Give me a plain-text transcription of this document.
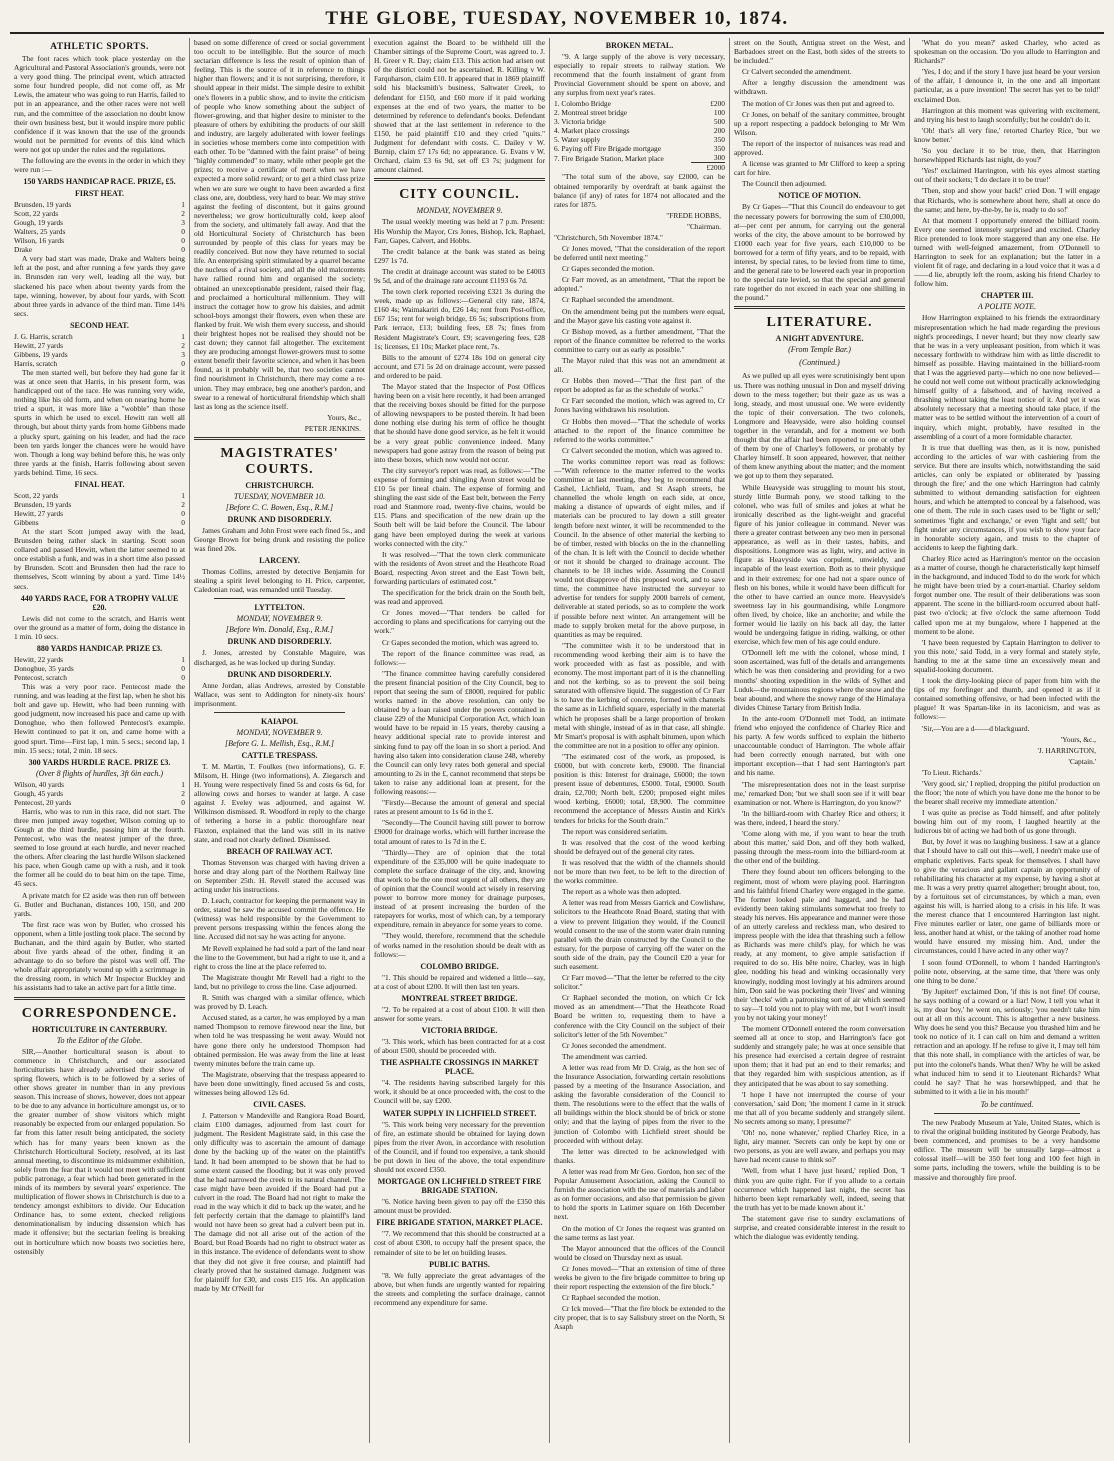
THE GLOBE, TUESDAY, NOVEMBER 10, 1874.
ATHLETIC SPORTS.

The foot races which took place yesterday on the Agricultural and Pastoral Association's grounds, were not a very good thing. The principal event, which attracted some four hundred people, did not come off, as Mr Lewis, the amateur who was going to run Harris, failed to put in an appearance, and the other races were not well run, and the committee of the association no doubt know their own business best, but it would inspire more public confidence if it was known that the use of the grounds would not be permitted for events of this kind which were not got up under the rules and the regulations.

The following are the events in the order in which they were run :—

150 YARDS HANDICAP RACE. PRIZE, £5.
FIRST HEAT.
Brunsden, 19 yards	1
Scott, 22 yards	2
Gough, 19 yards	3
Walters, 25 yards	0
Wilson, 16 yards	0
Drake	0

A very bad start was made, Drake and Walters being left at the post, and after running a few yards they gave in. Brunsden ran very well, leading all the way, but slackened his pace when about twenty yards from the tape, winning, however, by about four yards, with Scott about three yards in advance of the third man. Time 14¾ secs.

SECOND HEAT.
J. G. Harris, scratch	1
Hewitt, 27 yards	2
Gibbens, 19 yards	3
Harris, scratch	0

The men started well, but before they had gone far it was at once seen that Harris, in his present form, was handicapped out of the race. He was running very wide, nothing like his old form, and when on nearing home he tried a spurt, it was more like a "wobble" than those spurts in which he used to excel. Hewitt ran well all through, but about thirty yards from home Gibbens made a plucky spurt, gaining on his leader, and had the race been ten yards longer the chances were he would have won. Though a long way behind before this, he was only three yards at the finish, Harris following about seven yards behind. Time, 16 secs.

FINAL HEAT.
Scott, 22 yards	1
Brunsden, 19 yards	2
Hewitt, 27 yards	0
Gibbens	0

At the start Scott jumped away with the lead, Brunsden being rather slack in starting. Scott soon collared and passed Hewitt, when the latter seemed to at once establish a funk, and was in a short time also passed by Brunsden. Scott and Brunsden then had the race to themselves, Scott winning by about a yard. Time 14½ secs.

440 YARDS RACE, FOR A TROPHY VALUE £20.

Lewis did not come to the scratch, and Harris went over the ground as a matter of form, doing the distance in 1 min. 10 secs.

880 YARDS HANDICAP. PRIZE £3.
Hewitt, 22 yards	1
Donoghue, 35 yards	0
Pentecost, scratch	0

This was a very poor race. Pentecost made the running, and was leading at the first lap, when he shot his bolt and gave up. Hewitt, who had been running with good judgment, now increased his pace and came up with Donoghue, who then followed Pentecost's example. Hewitt continued to pat it on, and came home with a good spurt. Time—First lap, 1 min. 5 secs.; second lap, 1 min. 15 secs.; total, 2 min. 18 secs.

300 YARDS HURDLE RACE. PRIZE £3.
(Over 8 flights of hurdles, 3ft 6in each.)
Wilson, 40 yards	1
Gough, 45 yards	2
Pentecost, 20 yards	0

Harris, who was to run in this race, did not start. The three men jumped away together, Wilson coming up to Gough at the third hurdle, passing him at the fourth. Pentecost, who was the neatest jumper of the three, seemed to lose ground at each hurdle, and never reached the others. After clearing the last hurdle Wilson slackened his pace, when Gough came up with a rush, and it took the former all he could do to beat him on the tape. Time, 45 secs.

A private match for £2 aside was then run off between G. Butler and Buchanan, distances 100, 150, and 200 yards.

The first race was won by Butler, who crossed his opponent, when a little jostling took place. The second by Buchanan, and the third again by Butler, who started about five yards ahead of the other, finding it an advantage to do so before the pistol was well off. The whole affair appropriately wound up with a scrimmage in the dressing room, in which Mr Inspector Buckley and his assistants had to take an active part for a little time.

CORRESPONDENCE.
HORTICULTURE IN CANTERBURY.
To the Editor of the Globe.

SIR,—Another horticultural season is about to commence in Christchurch, and our associated horticulturists have already advertised their show of spring flowers, which is to be followed by a series of other shows greater in number than in any previous season. This increase of shows, however, does not appear to be due to any advance in horticulture amongst us, or to the greater number of show visitors which might reasonably be expected from our enlarged population. So far from this latter result being anticipated, the society which has for many years been known as the Christchurch Horticultural Society, resolved, at its last annual meeting, to discontinue its midsummer exhibition, solely from the fear that it would not meet with sufficient public patronage, a fear which had been generated in the minds of its members by several years' experience. The multiplication of flower shows in Christchurch is due to a tendency amongst exhibitors to divide. Our Education Ordinance has, to some extent, checked religious denominationalism by inducing dissension which has made it offensive; but the sectarian feeling is breaking out in horticulture which now boasts two societies here, ostensibly

based on some difference of creed or social government too occult to be intelligible. But the source of much sectarian difference is less the result of opinion than of feeling. This is the source of it in reference to things higher than flowers; and it is not surprising, therefore, it should appear in their midst. The simple desire to exhibit one's flowers in a public show, and to invite the criticism of people who know something about the subject of flower-growing, and that higher desire to minister to the pleasure of others by exhibiting the products of our skill and industry, are largely adulterated with lower feelings in societies whose members come into competition with each other. To be "damned with the faint praise" of being "highly commended" to many, while other people get the prizes; to receive a certificate of merit when we have expected a more solid reward; or to get a third class prize when we are sure we ought to have been awarded a first class one, are, doubtless, very hard to bear. We may strive against the feeling of discontent, but it gains ground nevertheless; we grow horticulturally cold, keep aloof from the society, and ultimately fall away. And that the old Horticultural Society of Christchurch has been surrounded by people of this class for years may be readily conceived. But now they have returned to social life. An enterprising spirit stimulated by a quarrel became the nucleus of a rival society, and all the old malcontents have rallied round him and organised the society; obtained an unexceptionable president, raised their flag, and proclaimed a horticultural millennium. They will instruct the cottager how to grow his daisies, and admit school-boys amongst their flowers, even when these are flanked by fruit. We wish them every success, and should their brightest hopes not be realised they should not be cast down; they cannot fail altogether. The excitement they are producing amongst flower-growers must to some extent benefit their favorite science, and when it has been found, as it probably will be, that two societies cannot find nourishment in Christchurch, there may come a re-union. They may embrace, beg one another's pardon, and swear to a renewal of horticultural friendship which shall last as long as the science itself.

Yours, &c.,
PETER JENKINS.
MAGISTRATES' COURTS.
CHRISTCHURCH.
TUESDAY, NOVEMBER 10.
[Before C. C. Bowen, Esq., R.M.]
DRUNK AND DISORDERLY.

James Graham and John Frost were each fined 5s., and George Brown for being drunk and resisting the police was fined 20s.

LARCENY.

Thomas Collins, arrested by detective Benjamin for stealing a spirit level belonging to H. Price, carpenter, Caledonian road, was remanded until Tuesday.

LYTTELTON.
MONDAY, NOVEMBER 9.
[Before Wm. Donald, Esq., R.M.]
DRUNK AND DISORDERLY.

J. Jones, arrested by Constable Maguire, was discharged, as he was locked up during Sunday.

DRUNK AND DISORDERLY.

Anne Jordan, alias Andrews, arrested by Constable Wallace, was sent to Addington for ninety-six hours' imprisonment.

KAIAPOI.
MONDAY, NOVEMBER 9.
[Before G. L. Mellish, Esq., R.M.]
CATTLE TRESPASS.

T. M. Martin, T. Foulkes (two informations), G. F. Milsom, H. Hinge (two informations), A. Ziegarsch and H. Young were respectively fined 5s and costs 6s 6d, for allowing cows and horses to wander at large. A case against J. Eveley was adjourned, and against W. Wilkinson dismissed. R. Woodford in reply to the charge of tethering a horse in a public thoroughfare near Flaxton, explained that the land was still in its native state, and road not clearly defined. Dismissed.

BREACH OF RAILWAY ACT.

Thomas Stevenson was charged with having driven a horse and dray along part of the Northern Railway line on September 25th. H. Revell stated the accused was acting under his instructions.

D. Leach, contractor for keeping the permanent way in order, stated he saw the accused commit the offence. He (witness) was held responsible by the Government to prevent persons trespassing within the fences along the line. Accused did not say he was acting for anyone.

Mr Revell explained he had sold a part of the land near the line to the Government, but had a right to use it, and a right to cross the line at the place referred to.

The Magistrate thought Mr Revell had a right to the land, but no privilege to cross the line. Case adjourned.

R. Smith was charged with a similar offence, which was proved by D. Leach.

Accused stated, as a carter, he was employed by a man named Thompson to remove firewood near the line, but when told he was trespassing he went away. Would not have gone there only he understood Thompson had obtained permission. He was away from the line at least twenty minutes before the train came up.

The Magistrate, observing that the trespass appeared to have been done unwittingly, fined accused 5s and costs, witnesses being allowed 12s 6d.

CIVIL CASES.

J. Patterson v Mandeville and Rangiora Road Board, claim £100 damages, adjourned from last court for judgment. The Resident Magistrate said, in this case the only difficulty was to ascertain the amount of damage done by the backing up of the water on the plaintiff's land. It had been attempted to be shown that he had to some extent caused the flooding; but it was only proved that he had narrowed the creek to its natural channel. The case might have been avoided if the Board had put a culvert in the road. The Board had not right to make the road in the way which it did to back up the water, and he felt perfectly certain that the damage to plaintiff's land would not have been so great had a culvert been put in. The damage did not all arise out of the action of the Board, but Road Boards had no right to obstruct water as in this instance. The evidence of defendants went to show that they did not give it free course, and plaintiff had clearly proved that he sustained damage. Judgment was for plaintiff for £30, and costs £15 16s. An application made by Mr O'Neill for

execution against the Board to be withheld till the Chamber sittings of the Supreme Court, was agreed to. J. H. Greer v R. Day; claim £13. This action had arisen out of the district could not be ascertained. R. Killing v W. Farquharson, claim £10. It appeared that in 1869 plaintiff sold his blacksmith's business, Saltwater Creek, to defendant for £150, and £60 more if it paid working expenses at the end of two years, the matter to be determined by reference to defendant's books. Defendant showed that at the last settlement in reference to the £150, he paid plaintiff £10 and they cried "quits." Judgment for defendant with costs. C. Dailey v W. Burnip, claim £7 17s 6d; no appearance. G. Evans v W. Orchard, claim £3 6s 9d, set off £3 7s; judgment for amount claimed.

CITY COUNCIL.
MONDAY, NOVEMBER 9.

The usual weekly meeting was held at 7 p.m. Present: His Worship the Mayor, Crs Jones, Bishop, Ick, Raphael, Farr, Gapes, Calvert, and Hobbs.

The credit balance at the bank was stated as being £297 1s 7d.

The credit at drainage account was stated to be £4003 9s 5d, and of the drainage rate account £1193 6s 7d.

The town clerk reported receiving £321 3s during the week, made up as follows:—General city rate, 1874, £160 4s; Waimakariri do, £26 14s; rent from Post-office, £67 15s; rent for weigh bridge, £6 5s; subscriptions from Park terrace, £13; building fees, £8 7s; fines from Resident Magistrate's Court, £9; scavengering fees, £28 1s; licenses, £1 10s; Market place rent, 7s.

Bills to the amount of £274 18s 10d on general city account, and £71 5s 2d on drainage account, were passed and ordered to be paid.

The Mayor stated that the Inspector of Post Offices having been on a visit here recently, it had been arranged that the receiving boxes should be fitted for the purpose of allowing newspapers to be posted therein. It had been done nothing else during his term of office he thought that he should have done good service, as he felt it would be a very great public convenience indeed. Many newspapers had gone astray from the reason of being put into these boxes, which now would not occur.

The city surveyor's report was read, as follows:—"The expense of forming and shingling Avon street would be £10 5s per lineal chain. The expense of forming and shingling the east side of the East belt, between the Ferry road and Stanmore road, twenty-five chains, would be £15. Plans and specification of the new drain up the South belt will be laid before the Council. The labour gang have been employed during the week at various works connected with the city."

It was resolved—"That the town clerk communicate with the residents of Avon street and the Heathcote Road Board, respecting Avon street and the East Town belt, forwarding particulars of estimated cost."

The specification for the brick drain on the South belt, was read and approved.

Cr Jones moved—"That tenders be called for according to plans and specifications for carrying out the work."

Cr Gapes seconded the motion, which was agreed to.

The report of the finance committee was read, as follows:—

"The finance committee having carefully considered the present financial position of the City Council, beg to report that seeing the sum of £8000, required for public works named in the above resolution, can only be obtained by a loan raised under the powers contained in clause 229 of the Municipal Corporation Act, which loan would have to be repaid in 15 years, thereby causing a heavy additional special rate to provide interest and sinking fund to pay off the loan in so short a period. And having also taken into consideration clause 248, whereby the Council can only levy rates both general and special amounting to 2s in the £, cannot recommend that steps be taken to raise any additional loan at present, for the following reasons:—

"Firstly—Because the amount of general and special rates at present amount to 1s 6d in the £.

"Secondly—The Council having still power to borrow £9000 for drainage works, which will further increase the total amount of rates to 1s 7d in the £.

"Thirdly—They are of opinion that the total expenditure of the £35,000 will be quite inadequate to complete the surface drainage of the city, and, knowing that work to be the one most urgent of all others, they are of opinion that the Council would act wisely in reserving power to borrow more money for drainage purposes, instead of at present increasing the burden of the ratepayers for works, most of which can, by a temporary expenditure, remain in abeyance for some years to come.

"They would, therefore, recommend that the schedule of works named in the resolution should be dealt with as follows:—

COLOMBO BRIDGE.

"1. This should be repaired and widened a little—say, at a cost of about £200. It will then last ten years.

MONTREAL STREET BRIDGE.

"2. To be repaired at a cost of about £100. It will then answer for some years.

VICTORIA BRIDGE.

"3. This work, which has been contracted for at a cost of about £500, should be proceeded with.

THE ASPHALTE CROSSINGS IN MARKET PLACE.

"4. The residents having subscribed largely for this work, it should be at once proceeded with, the cost to the Council will be, say £200.

WATER SUPPLY IN LICHFIELD STREET.

"5. This work being very necessary for the prevention of fire, an estimate should be obtained for laying down pipes from the river Avon, in accordance with resolution of the Council, and if found too expensive, a tank should be put down in lieu of the above, the total expenditure should not exceed £350.

MORTGAGE ON LICHFIELD STREET FIRE BRIGADE STATION.

"6. Notice having been given to pay off the £350 this amount must be provided.

FIRE BRIGADE STATION, MARKET PLACE.

"7. We recommend that this should be constructed at a cost of about £300, to occupy half the present space, the remainder of site to be let on building leases.

PUBLIC BATHS.

"8. We fully appreciate the great advantages of the above, but when funds are urgently wanted for repairing the streets and completing the surface drainage, cannot recommend any expenditure for same.

BROKEN METAL.

"9. A large supply of the above is very necessary, especially to repair streets to railway station. We recommend that the fourth instalment of grant from Provincial Government should be spent on above, and any surplus from next year's rates.

1. Colombo Bridge	£200
2. Montreal street bridge	100
3. Victoria bridge	500
4. Market place crossings	200
5. Water supply	350
6. Paying off Fire Brigade mortgage	350
7. Fire Brigade Station, Market place	300
	£2000

"The total sum of the above, say £2000, can be obtained temporarily by overdraft at bank against the balance (if any) of rates for 1874 not allocated and the rates for 1875.

"FREDE HOBBS,
"Chairman.

"Christchurch, 5th November 1874."

Cr Jones moved, "That the consideration of the report be deferred until next meeting."

Cr Gapes seconded the motion.

Cr Farr moved, as an amendment, "That the report be adopted."

Cr Raphael seconded the amendment.

On the amendment being put the numbers were equal, and the Mayor gave his casting vote against it.

Cr Bishop moved, as a further amendment, "That the report of the finance committee be referred to the works committee to carry out as early as possible."

The Mayor ruled that this was not an amendment at all.

Cr Hobbs then moved—"That the first part of the report be adopted as far as the schedule of works."

Cr Farr seconded the motion, which was agreed to, Cr Jones having withdrawn his resolution.

Cr Hobbs then moved—"That the schedule of works attached to the report of the finance committee be referred to the works committee."

Cr Calvert seconded the motion, which was agreed to.

The works committee report was read as follows:—"With reference to the matter referred to the works committee at last meeting, they beg to recommend that Cashel, Lichfield, Tuam, and St Asaph streets, be channelled the whole length on each side, at once, making a distance of upwards of eight miles, and if materials can be procured to lay down a still greater length before next winter, it will be recommended to the Council. In the absence of other material the kerbing to be of timber, rested with blocks on the in the channelling of the chan. It is left with the Council to decide whether or not it should be charged to drainage account. The channels to be 18 inches wide. Assuming the Council would not disapprove of this proposed work, and to save time, the committee have instructed the surveyor to advertise for tenders for supply 2000 barrels of cement, deliverable at stated periods, so as to complete the work if possible before next winter. An arrangement will be made to supply broken metal for the above purpose, in quantities as may be required.

"The committee wish it to be understood that in recommending wood kerbing their aim is to have the work proceeded with as fast as possible, and with economy. The most important part of it is the channelling and not the kerbing, so as to prevent the soil being saturated with offensive liquid. The suggestion of Cr Farr is to have the kerbing of concrete, formed with channels the same as in Lichfield square, especially in the material which he proposes shall be a large proportion of broken metal with shingle, instead of as in that case, all shingle. Mr Smart's proposal is with asphalt bitumen, upon which the committee are not in a position to offer any opinion.

"The estimated cost of the work, as proposed, is £6000, but with concrete kerb, £9000. The financial position is this: Interest for drainage, £6000; the town present issue of debentures, £5000. Total, £9000. South drain, £2,700; North belt, £200; proposed eight miles wood kerbing, £6000; total, £8,900. The committee recommend the acceptance of Messrs Austin and Kirk's tenders for bricks for the South drain."

The report was considered seriatim.

It was resolved that the cost of the wood kerbing should be defrayed out of the general city rates.

It was resolved that the width of the channels should not be more than two feet, to be left to the direction of the works committee.

The report as a whole was then adopted.

A letter was read from Messrs Garrick and Cowlishaw, solicitors to the Heathcote Road Board, stating that with a view to prevent litigation they would, if the Council would consent to the use of the storm water drain running parallel with the drain constructed by the Council to the estuary, for the purpose of carrying off the water on the south side of the drain, pay the Council £20 a year for such easement.

Cr Farr moved—"That the letter be referred to the city solicitor."

Cr Raphael seconded the motion, on which Cr Ick moved as an amendment—"That the Heathcote Road Board be written to, requesting them to have a conference with the City Council on the subject of their solicitor's letter of the 5th November."

Cr Jones seconded the amendment.

The amendment was carried.

A letter was read from Mr D. Craig, as the hon sec of the Insurance Association, forwarding certain resolutions passed by a meeting of the Insurance Association, and asking the favorable consideration of the Council to them. The resolutions were to the effect that the walls of all buildings within the block should be of brick or stone only; and that the laying of pipes from the river to the junction of Colombo with Lichfield street should be proceeded with without delay.

The letter was directed to be acknowledged with thanks.

A letter was read from Mr Geo. Gordon, hon sec of the Popular Amusement Association, asking the Council to furnish the association with the use of materials and labor as on former occasions, and also that permission be given to hold the sports in Latimer square on 16th December next.

On the motion of Cr Jones the request was granted on the same terms as last year.

The Mayor announced that the offices of the Council would be closed on Thursday next as usual.

Cr Jones moved—"That an extension of time of three weeks be given to the fire brigade committee to bring up their report respecting the extension of the fire block."

Cr Raphael seconded the motion.

Cr Ick moved—"That the fire block be extended to the city proper, that is to say Salisbury street on the North, St Asaph

street on the South, Antigua street on the West, and Barbadoes street on the East, both sides of the streets to be included."

Cr Calvert seconded the amendment.

After a lengthy discussion the amendment was withdrawn.

The motion of Cr Jones was then put and agreed to.

Cr Jones, on behalf of the sanitary committee, brought up a report respecting a paddock belonging to Mr Wm Wilson.

The report of the inspector of nuisances was read and approved.

A license was granted to Mr Clifford to keep a spring cart for hire.

The Council then adjourned.

NOTICE OF MOTION.

By Cr Gapes—"That this Council do endeavour to get the necessary powers for borrowing the sum of £30,000, at—per cent per annum, for carrying out the general works of the city, the above amount to be borrowed by £1000 each year for five years, each £10,000 to be borrowed for a term of fifty years, and to be repaid, with interest, by special rates, to be levied from time to time, and the general rate to be lowered each year in proportion to the special rate levied, so that the special and general rate together do not exceed in each year one shilling in the pound."

LITERATURE.
A NIGHT ADVENTURE.
(From Temple Bar.)
(Continued.)

As we pulled up all eyes were scrutinisingly bent upon us. There was nothing unusual in Don and myself driving down to the mess together; but their gaze as us was a long, steady, and most unusual one. We were evidently the topic of their conversation. The two colonels, Longmore and Heavyside, were also holding counsel together in the verandah, and for a moment we both thought that the affair had been reported to one or other of them by one of Charley's followers, or probably by Charley himself. It soon appeared, however, that neither of them knew anything about the matter; and the moment we got up to them they separated.

While Heavyside was struggling to mount his stout, sturdy little Burmah pony, we stood talking to the colonel, who was full of smiles and jokes at what he ironically described as the light-weight and graceful figure of his junior colleague in command. Never was there a greater contrast between any two men in personal appearance, as well as in their tastes, habits, and dispositions. Longmore was as light, wiry, and active in figure as Heavyside was corpulent, unwieldy, and incapable of the least exertion. Both as to their physique and in their extremes; for one had not a spare ounce of flesh on his bones, while it would have been difficult for the other to have carried an ounce more. Heavyside's sweetness lay in his gourmandising, while Longmore often lived, by choice, like an anchorite; and while the former would lie lazily on his back all day, the latter would be undergoing fatigue in riding, walking, or other exercise, which few men of his age could endure.

O'Donnell left me with the colonel, whose mind, I soon ascertained, was full of the details and arrangements which he was then considering and providing for a two months' shooting expedition in the wilds of Sylhet and Luduk—the mountainous regions where the snow and the bear abound, and where the snowy range of the Himalaya divides Chinese Tartary from British India.

In the ante-room O'Donnell met Todd, an intimate friend who enjoyed the confidence of Charley Rice and his party. A few words sufficed to explain the hitherto unaccountable conduct of Harrington. The whole affair had been correctly enough narrated, but with one important exception—that I had sent Harrington's part and his name.

'The misrepresentation does not in the least surprise me,' remarked Don; 'but we shall soon see if it will bear examination or not. Where is Harrington, do you know?'

'In the billiard-room with Charley Rice and others; it was there, indeed, I heard the story.'

'Come along with me, if you want to hear the truth about this matter,' said Don, and off they both walked, passing through the mess-room into the billiard-room at the other end of the building.

There they found about ten officers belonging to the regiment, most of whom were playing pool. Harrington and his faithful friend Charley were engaged in the game. The former looked pale and haggard, and he had evidently been taking stimulants somewhat too freely to steady his nerves. His appearance and manner were those of an utterly careless and reckless man, who desired to impress people with the idea that thrashing such a fellow as Richards was mere child's play, for which he was ready, at any moment, to give ample satisfaction if required to do so. His bête noire, Charley, was in high glee, nodding his head and winking occasionally very knowingly, nodding most lovingly at his admirers around him, Don said he was pocketing their 'lives' and winning their 'checks' with a patronising sort of air which seemed to say—'I told you not to play with me, but I won't insult you by not taking your money!'

The moment O'Donnell entered the room conversation seemed all at once to stop, and Harrington's face got suddenly and strangely pale; he was at once sensible that his presence had exercised a certain degree of restraint upon them; that it had put an end to their remarks; and that they regarded him with suspicious attention, as if they anticipated that he was about to say something.

'I hope I have not interrupted the course of your conversation,' said Don; 'the moment I came in it struck me that all of you became suddenly and strangely silent. No secrets among so many, I presume?'

'Oh! no, none whatever,' replied Charley Rice, in a light, airy manner. 'Secrets can only be kept by one or two persons, as you are well aware, and perhaps you may have had recent cause to think so?'

'Well, from what I have just heard,' replied Don, 'I think you are quite right. For if you allude to a certain occurrence which happened last night, the secret has hitherto been kept remarkably well, indeed, seeing that the truth has yet to be made known about it.'

The statement gave rise to sundry exclamations of surprise, and created considerable interest in the result to which the dialogue was evidently tending.

'What do you mean?' asked Charley, who acted as spokesman on the occasion. 'Do you allude to Harrington and Richards?'

'Yes, I do; and if the story I have just heard be your version of the affair, I denounce it, in the one and all important particular, as a pure invention! The secret has yet to be told!' exclaimed Don.

Harrington at this moment was quivering with excitement, and trying his best to laugh scornfully; but he couldn't do it.

'Oh! that's all very fine,' retorted Charley Rice, 'but we know better.'

'So you declare it to be true, then, that Harrington horsewhipped Richards last night, do you?'

'Yes!' exclaimed Harrington, with his eyes almost starting out of their sockets; 'I do declare it to be true!'

'Then, stop and show your back!' cried Don. 'I will engage that Richards, who is somewhere about here, shall at once do the same; and here, by-the-by, he is, ready to do so!'

At that moment I opportunely entered the billiard room. Every one seemed intensely surprised and excited. Charley Rice pretended to look more staggered than any one else. He turned with well-feigned amazement, from O'Donnell to Harrington to seek for an explanation; but the latter in a violent fit of rage, and declaring in a loud voice that it was a d——d lie, abruptly left the room, asking his friend Charley to follow him.

CHAPTER III.
A POLITE NOTE.

How Harrington explained to his friends the extraordinary misrepresentation which he had made regarding the previous night's proceedings, I never heard; but they now clearly saw that he was in a very unpleasant position, from which it was necessary forthwith to withdraw him with as little discredit to himself as possible. Having maintained in the billiard-room that I was the aggrieved party—which no one now believed—he could not well come out without practically acknowledging himself guilty of a falsehood, and of having received a thrashing without taking the least notice of it. And yet it was absolutely necessary that a meeting should take place, if the matter was to be settled without the intervention of a court of inquiry, which might, probably, have resulted in the assembling of a court of a more formidable character.

It is true that duelling was then, as it is now, punished according to the articles of war with cashiering from the service. But there are insults which, notwithstanding the said articles, can only be expiated or obliterated by 'passing through the fire;' and the one which Harrington had calmly submitted to without demanding satisfaction for eighteen hours, and which he attempted to conceal by a falsehood, was one of them. The rule in such cases used to be 'fight or sell;' sometimes 'fight and exchange,' or even 'fight and sell;' but fight under any circumstances, if you wish to show your face in honorable society again, and trusts to the chapter of accidents to keep the fighting dark.

Charley Rice acted as Harrington's mentor on the occasion as a matter of course, though he characteristically kept himself in the background, and induced Todd to do the work for which he might have been tried by a court-martial. Charley seldom forgot number one. The result of their deliberations was soon apparent. The scene in the billiard-room occurred about half-past two o'clock; at five o'clock the same afternoon Todd called upon me at my bungalow, where I happened at the moment to be alone.

'I have been requested by Captain Harrington to deliver to you this note,' said Todd, in a very formal and stately style, handing to me at the same time an excessively mean and squalid-looking document.

I took the dirty-looking piece of paper from him with the tips of my forefinger and thumb, and opened it as if it contained something offensive, or had been infected with the plague! It was Spartan-like in its laconicism, and was as follows:—

'Sir,—You are a d——d blackguard.

'Yours, &c.,
'J. HARRINGTON,
'Captain.'

'To Lieut. Richards.'

'Very good, sir,' I replied, dropping the pitiful production on the floor; 'the note of which you have done me the honor to be the bearer shall receive my immediate attention.'

I was quite as precise as Todd himself, and after politely bowing him out of my room, I laughed heartily at the ludicrous bit of acting we had both of us gone through.

But, by Jove! it was no laughing business. I saw at a glance that I should have to call out this—well, I needn't make use of emphatic expletives. Facts speak for themselves. I shall have to give the veracious and gallant captain an opportunity of rehabilitating his character at my expense, by having a shot at me. It was a very pretty quarrel altogether; brought about, too, by a fortuitous set of circumstances, by which a man, even against his will, is harried along to a crisis in his life. It was the merest chance that I encountered Harrington last night. Five minutes earlier or later, one game of billiards more or less, another hand at whist, or the taking of another road home would have ensured my missing him. And, under the circumstances, could I have acted in any other way?

I soon found O'Donnell, to whom I handed Harrington's polite note, observing, at the same time, that 'there was only one thing to be done.'

'By Jupiter!' exclaimed Don, 'if this is not fine! Of course, he says nothing of a coward or a liar! Now, I tell you what it is, my dear boy,' he went on, seriously; 'you needn't take him out at all on this account. This is altogether a new business. Why does he send you this? Because you thrashed him and he took no notice of it. I can call on him and demand a written retraction and an apology. If he refuse to give it, I may tell him that this note shall, in compliance with the articles of war, be put into the colonel's hands. What then? Why he will be asked what induced him to send it to Lieutenant Richards? What could he say? That he was horsewhipped, and that he submitted to it with a lie in his mouth!'

To be continued.

The new Peabody Museum at Yale, United States, which is to rival the original building instituted by George Peabody, has been commenced, and promises to be a very handsome edifice. The museum will be unusually large—almost a colossal itself—will be 350 feet long and 100 feet high in some parts, including the towers, while the building is to be massive and thoroughly fire proof.
